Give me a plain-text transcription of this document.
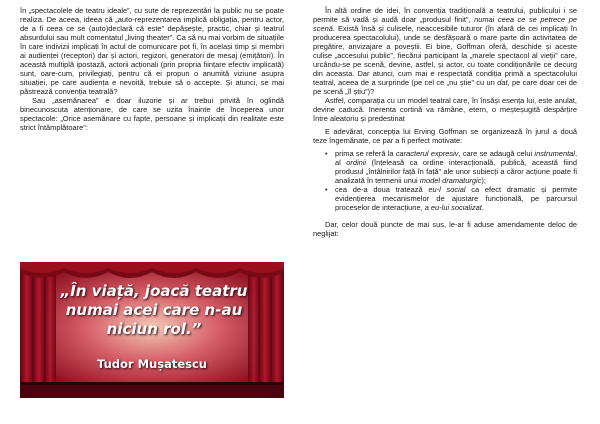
în „spectacolele de teatru ideale”, cu sute de reprezentări la public nu se poate realiza. De aceea, ideea că „auto-reprezentarea implică obligația, pentru actor, de a fi ceea ce se (auto)declară că este” depășește, practic, chiar și teatrul absurdului sau mult comentatul „living theater”. Ca să nu mai vorbim de situațiile în care indivizii implicați în actul de comunicare pot fi, în același timp și membri ai audienței (receptori) dar și actori, regizori, generatori de mesaj (emițători). În această multiplă ipostază, actorii acționali (prin propria ființare efectiv implicată) sunt, oare-cum, privilegiați, pentru că ei propun o anumită viziune asupra situației, pe care audiența e nevoită, trebuie să o accepte. Și atunci, se mai păstrează convenția teatrală?

Sau „asemănarea” e doar iluzorie și ar trebui privită în oglindă binecunoscuta atenționare, de care se uzita înainte de începerea unor spectacole: „Orice asemănare cu fapte, persoane și implicații din realitate este strict întâmplătoare”:

„În viață, joacă teatru numai acei care n-au niciun rol.”
Tudor Mușatescu

În altă ordine de idei, în convenția tradițională a teatrului, publicului i se permite să vadă și audă doar „produsul finit”, numai ceea ce se petrece pe scenă. Există însă și culisele, neaccesibile tuturor (în afară de cei implicați în producerea spectacolului), unde se desfășoară o mare parte din activitatea de pregătire, anvizajare a poveștii. Ei bine, Goffman oferă, deschide și aceste culise „accesului public”, fiecărui participant la „marele spectacol al vieții” care, urcându-se pe scenă, devine, astfel, și actor, cu toate condiționările ce decurg din aceasta. Dar atunci, cum mai e respectată condiția primă a spectacolului teatral, aceea de a surprinde (pe cel ce „nu știe” cu un dat, pe care doar cei de pe scenă „îl știu”)?

Astfel, comparația cu un model teatral care, în însăși esența lui, este anulat, devine caducă. Inerenta cortină va rămâne, etern, o meșteșugită despărțire între aleatoriu și predestinat

E adevărat, concepția lui Erving Goffman se organizează în jurul a două teze îngemănate, ce par a fi perfect motivate:

• prima se referă la caracterul expresiv, care se adaugă celui instrumental, al ordinii (înțeleasă ca ordine interacțională, publică, această fiind produsul „întâlnirilor față în față” ale unor subiecți a căror acțiune poate fi analizată în termenii unui model dramaturgic);
• cea de-a doua tratează eu-l social ca efect dramatic și permite evidențierea mecanismelor de ajustare funcțională, pe parcursul proceselor de interacțiune, a eu-lui socializat.

Dar, celor două puncte de mai sus, le-ar fi aduse amendamente deloc de neglijat:
